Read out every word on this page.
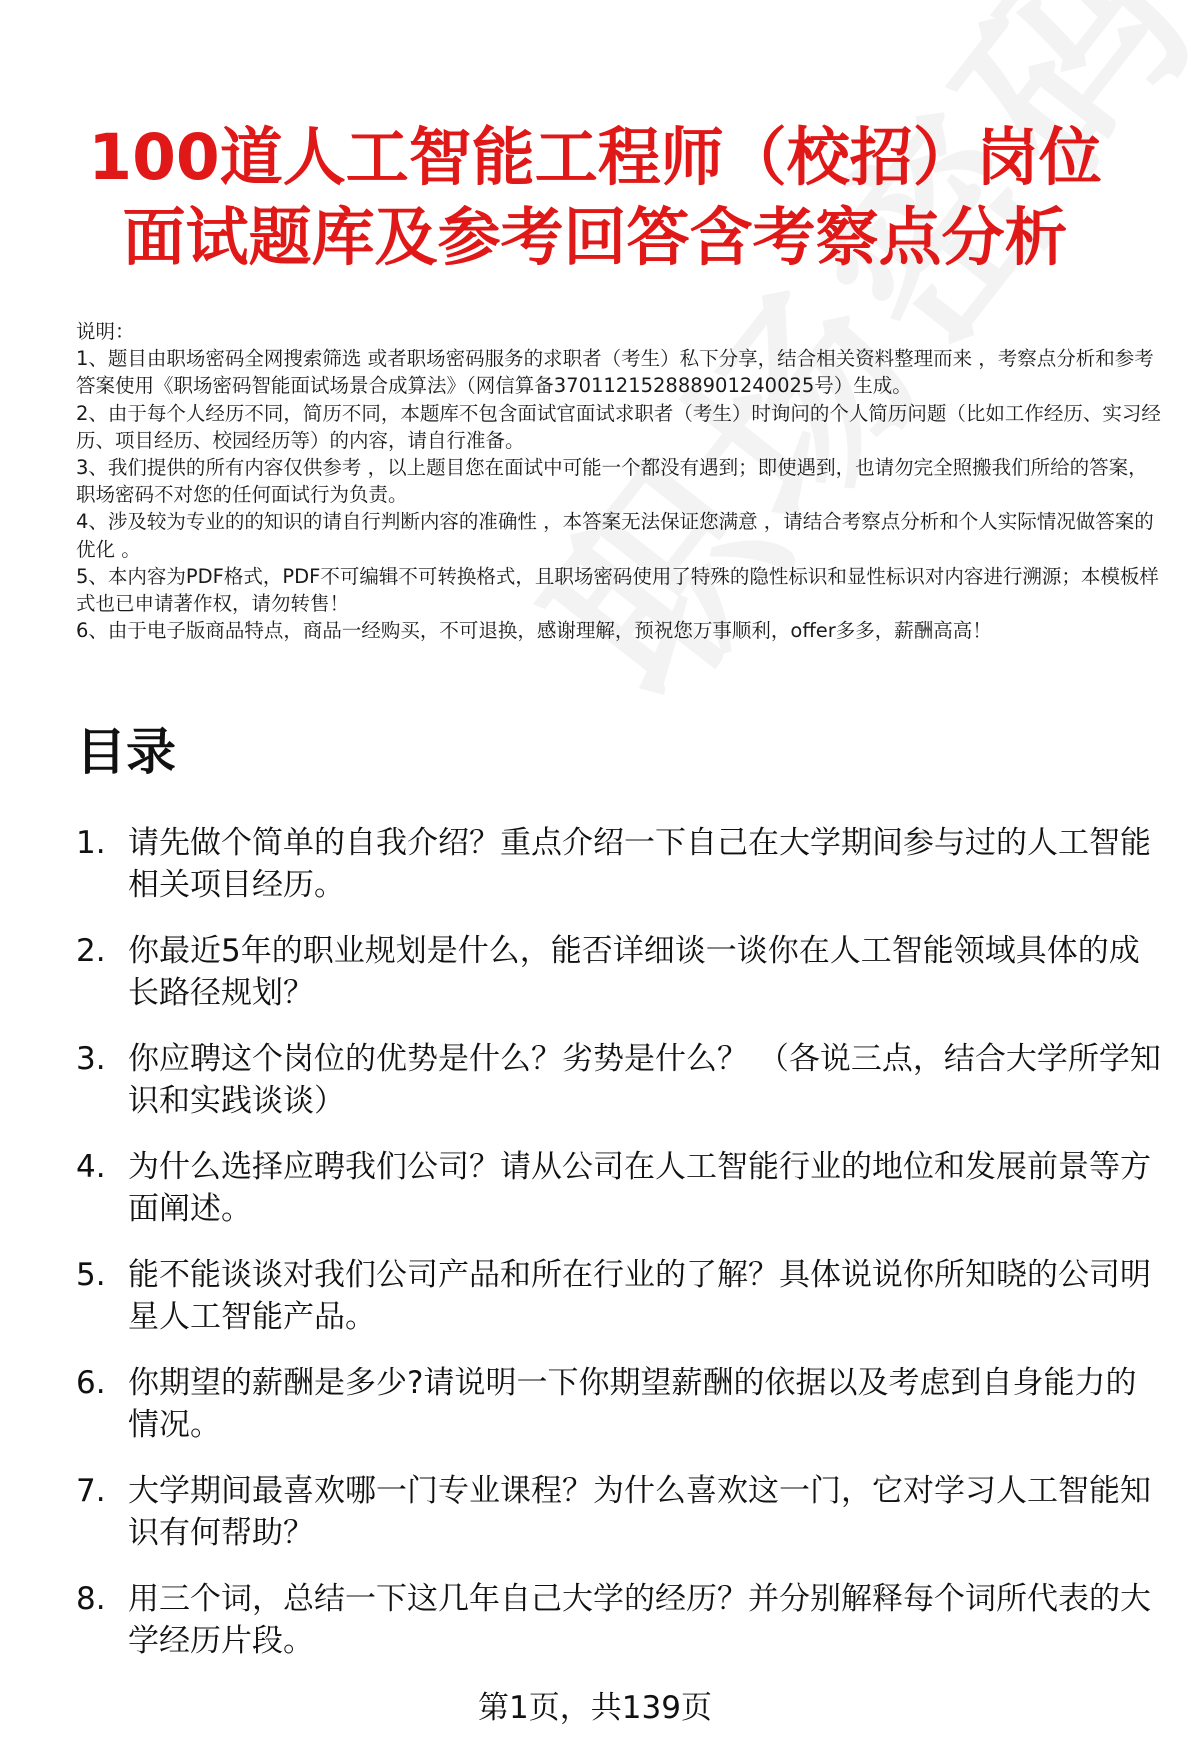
100道人工智能工程师（校招）岗位
面试题库及参考回答含考察点分析

说明：

1、题目由职场密码全网搜索筛选 或者职场密码服务的求职者（考生）私下分享，结合相关资料整理而来 ，考察点分析和参考答案使用《职场密码智能面试场景合成算法》（网信算备370112152888901240025号）生成。

2、由于每个人经历不同，简历不同，本题库不包含面试官面试求职者（考生）时询问的个人简历问题（比如工作经历、实习经历、项目经历、校园经历等）的内容，请自行准备。

3、我们提供的所有内容仅供参考 ，以上题目您在面试中可能一个都没有遇到；即使遇到，也请勿完全照搬我们所给的答案，职场密码不对您的任何面试行为负责。

4、涉及较为专业的的知识的请自行判断内容的准确性 ，本答案无法保证您满意 ，请结合考察点分析和个人实际情况做答案的优化 。

5、本内容为PDF格式，PDF不可编辑不可转换格式，且职场密码使用了特殊的隐性标识和显性标识对内容进行溯源；本模板样式也已申请著作权，请勿转售！

6、由于电子版商品特点，商品一经购买，不可退换，感谢理解，预祝您万事顺利，offer多多，薪酬高高！

目录
1. 请先做个简单的自我介绍？重点介绍一下自己在大学期间参与过的人工智能相关项目经历。
2. 你最近5年的职业规划是什么，能否详细谈一谈你在人工智能领域具体的成长路径规划？
3. 你应聘这个岗位的优势是什么？劣势是什么？ （各说三点，结合大学所学知识和实践谈谈）
4. 为什么选择应聘我们公司？请从公司在人工智能行业的地位和发展前景等方面阐述。
5. 能不能谈谈对我们公司产品和所在行业的了解？具体说说你所知晓的公司明星人工智能产品。
6. 你期望的薪酬是多少?请说明一下你期望薪酬的依据以及考虑到自身能力的情况。
7. 大学期间最喜欢哪一门专业课程？为什么喜欢这一门，它对学习人工智能知识有何帮助？
8. 用三个词，总结一下这几年自己大学的经历？并分别解释每个词所代表的大学经历片段。
第1页，共139页
